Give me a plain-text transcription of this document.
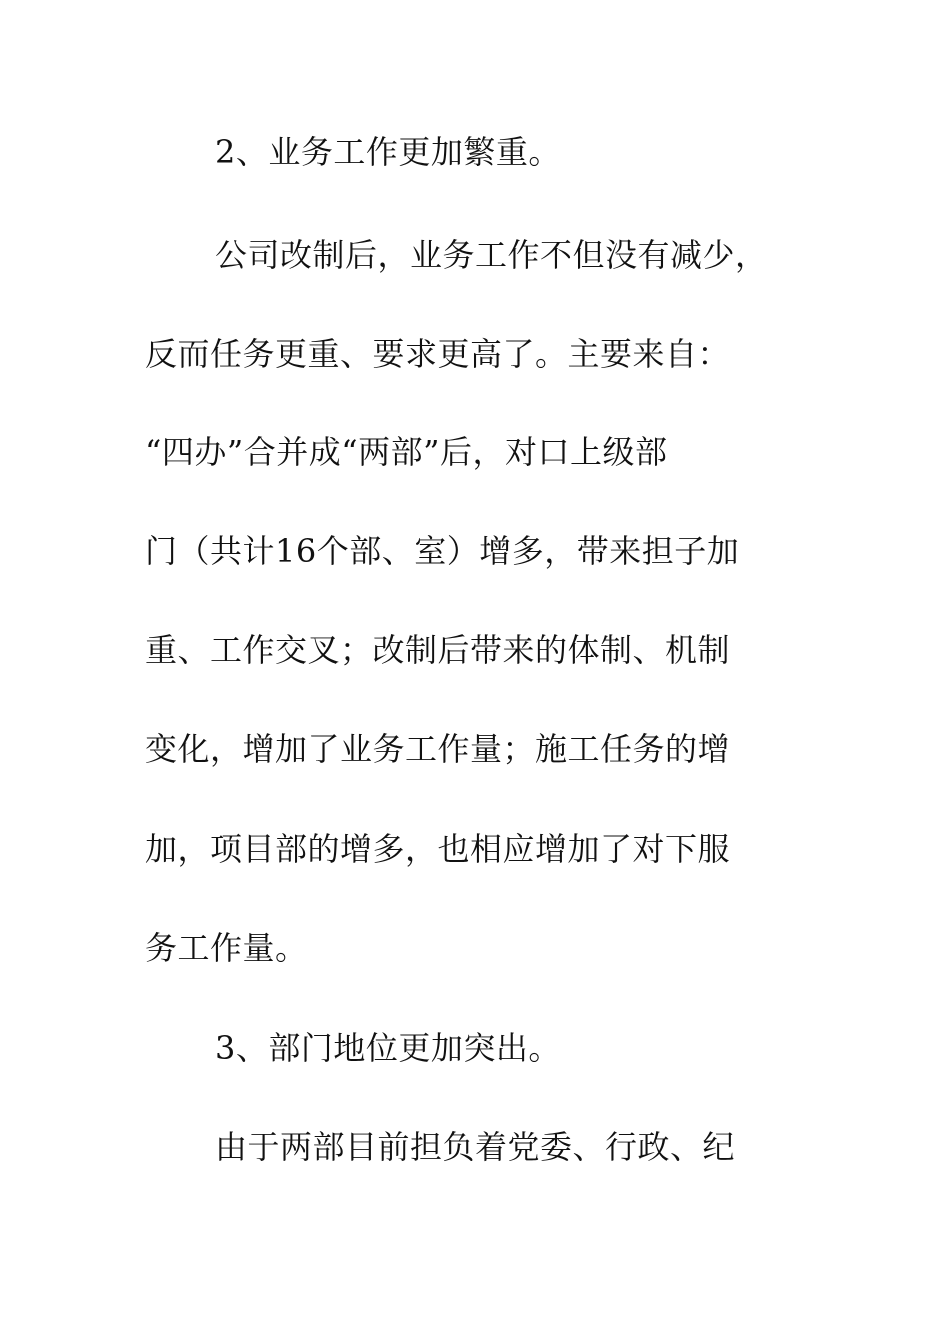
2、业务工作更加繁重。
公司改制后，业务工作不但没有减少，
反而任务更重、要求更高了。主要来自：
“四办”合并成“两部”后，对口上级部
门（共计16个部、室）增多，带来担子加
重、工作交叉；改制后带来的体制、机制
变化，增加了业务工作量；施工任务的增
加，项目部的增多，也相应增加了对下服
务工作量。
3、部门地位更加突出。
由于两部目前担负着党委、行政、纪
